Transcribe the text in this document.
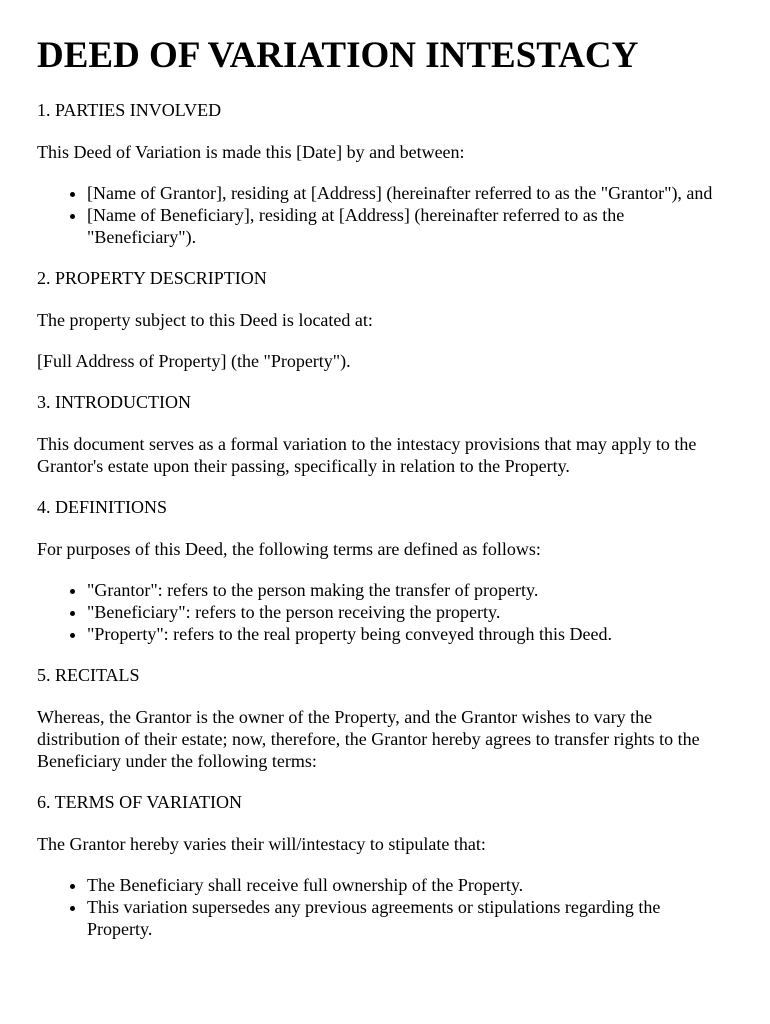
DEED OF VARIATION INTESTACY
1. PARTIES INVOLVED

This Deed of Variation is made this [Date] by and between:

• [Name of Grantor], residing at [Address] (hereinafter referred to as the "Grantor"), and
• [Name of Beneficiary], residing at [Address] (hereinafter referred to as the "Beneficiary").
2. PROPERTY DESCRIPTION

The property subject to this Deed is located at:

[Full Address of Property] (the "Property").

3. INTRODUCTION

This document serves as a formal variation to the intestacy provisions that may apply to the Grantor's estate upon their passing, specifically in relation to the Property.

4. DEFINITIONS

For purposes of this Deed, the following terms are defined as follows:

• "Grantor": refers to the person making the transfer of property.
• "Beneficiary": refers to the person receiving the property.
• "Property": refers to the real property being conveyed through this Deed.
5. RECITALS

Whereas, the Grantor is the owner of the Property, and the Grantor wishes to vary the distribution of their estate; now, therefore, the Grantor hereby agrees to transfer rights to the Beneficiary under the following terms:

6. TERMS OF VARIATION

The Grantor hereby varies their will/intestacy to stipulate that:

• The Beneficiary shall receive full ownership of the Property.
• This variation supersedes any previous agreements or stipulations regarding the Property.
